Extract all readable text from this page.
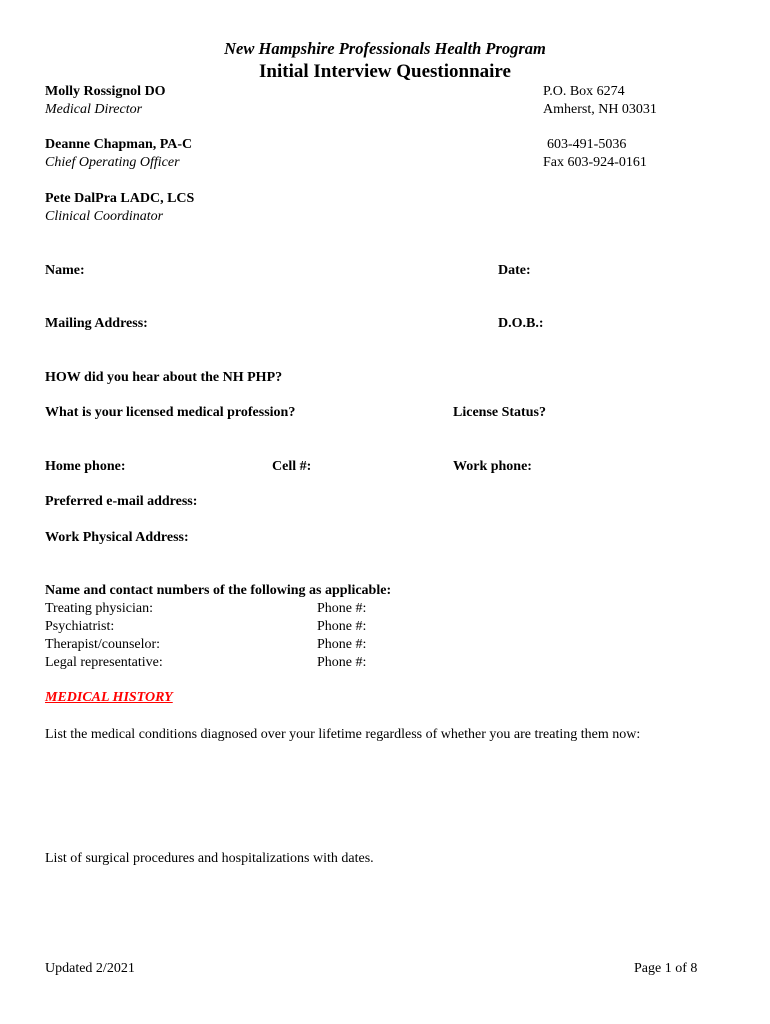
New Hampshire Professionals Health Program
Initial Interview Questionnaire
Molly Rossignol DO
Medical Director
Deanne Chapman, PA-C
Chief Operating Officer
Pete DalPra LADC, LCS
Clinical Coordinator
P.O. Box 6274
Amherst, NH 03031
603-491-5036
Fax 603-924-0161
Name:	Date:
Mailing Address:	D.O.B.:
HOW did you hear about the NH PHP?
What is your licensed medical profession?	License Status?
Home phone:	Cell #:	Work phone:
Preferred e-mail address:
Work Physical Address:
Name and contact numbers of the following as applicable:
Treating physician:	Phone #:
Psychiatrist:	Phone #:
Therapist/counselor:	Phone #:
Legal representative:	Phone #:
MEDICAL HISTORY
List the medical conditions diagnosed over your lifetime regardless of whether you are treating them now:
List of surgical procedures and hospitalizations with dates.
Updated 2/2021	Page 1 of 8
